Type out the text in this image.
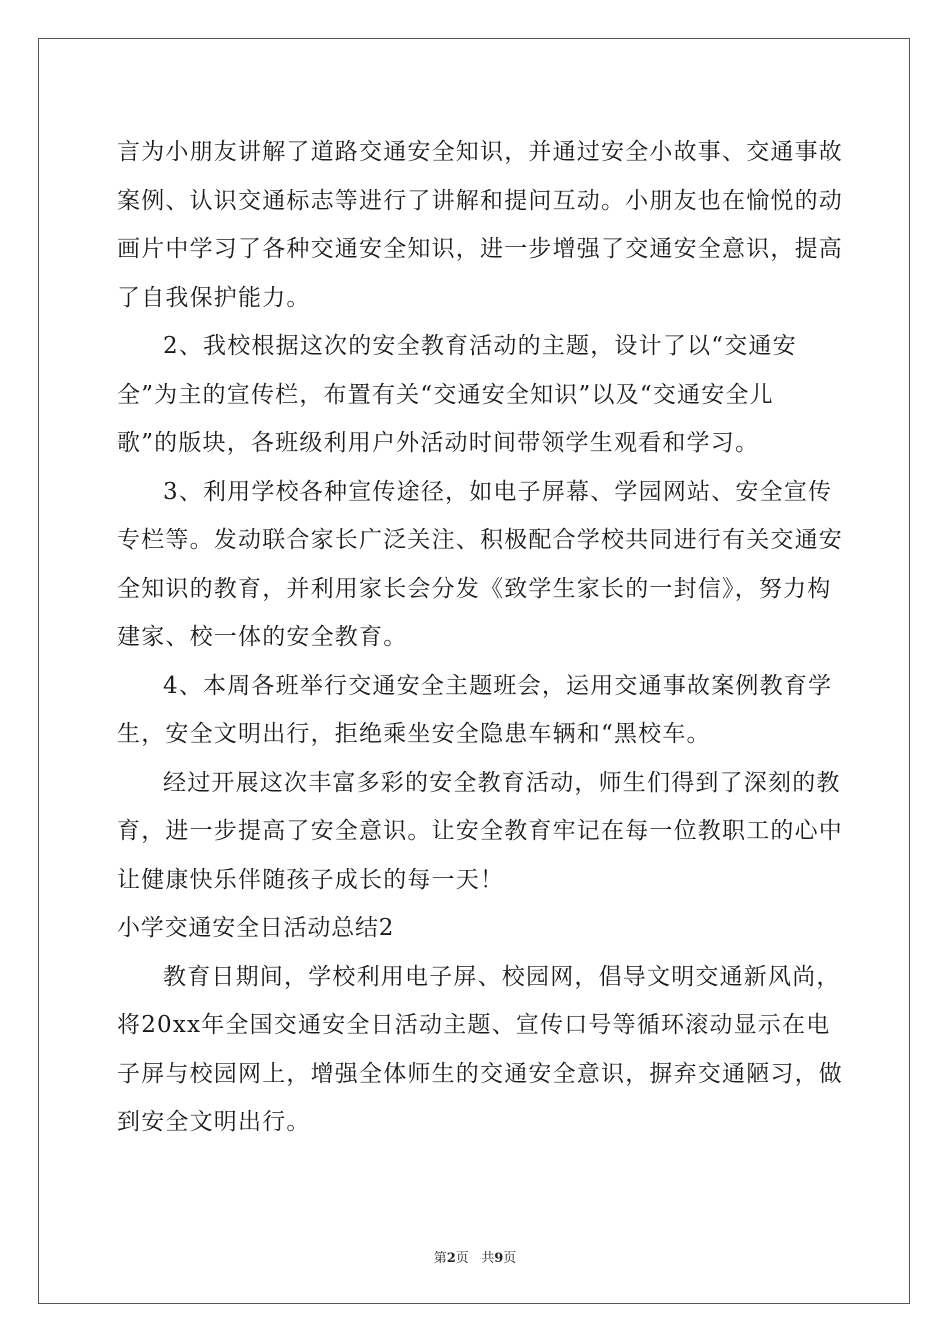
言为小朋友讲解了道路交通安全知识，并通过安全小故事、交通事故
案例、认识交通标志等进行了讲解和提问互动。小朋友也在愉悦的动
画片中学习了各种交通安全知识，进一步增强了交通安全意识，提高
了自我保护能力。
2、我校根据这次的安全教育活动的主题，设计了以“交通安
全”为主的宣传栏，布置有关“交通安全知识”以及“交通安全儿
歌”的版块，各班级利用户外活动时间带领学生观看和学习。
3、利用学校各种宣传途径，如电子屏幕、学园网站、安全宣传
专栏等。发动联合家长广泛关注、积极配合学校共同进行有关交通安
全知识的教育，并利用家长会分发《致学生家长的一封信》，努力构
建家、校一体的安全教育。
4、本周各班举行交通安全主题班会，运用交通事故案例教育学
生，安全文明出行，拒绝乘坐安全隐患车辆和“黑校车。
经过开展这次丰富多彩的安全教育活动，师生们得到了深刻的教
育，进一步提高了安全意识。让安全教育牢记在每一位教职工的心中
让健康快乐伴随孩子成长的每一天！
小学交通安全日活动总结2
教育日期间，学校利用电子屏、校园网，倡导文明交通新风尚，
将20xx年全国交通安全日活动主题、宣传口号等循环滚动显示在电
子屏与校园网上，增强全体师生的交通安全意识，摒弃交通陋习，做
到安全文明出行。
第2页 共9页
